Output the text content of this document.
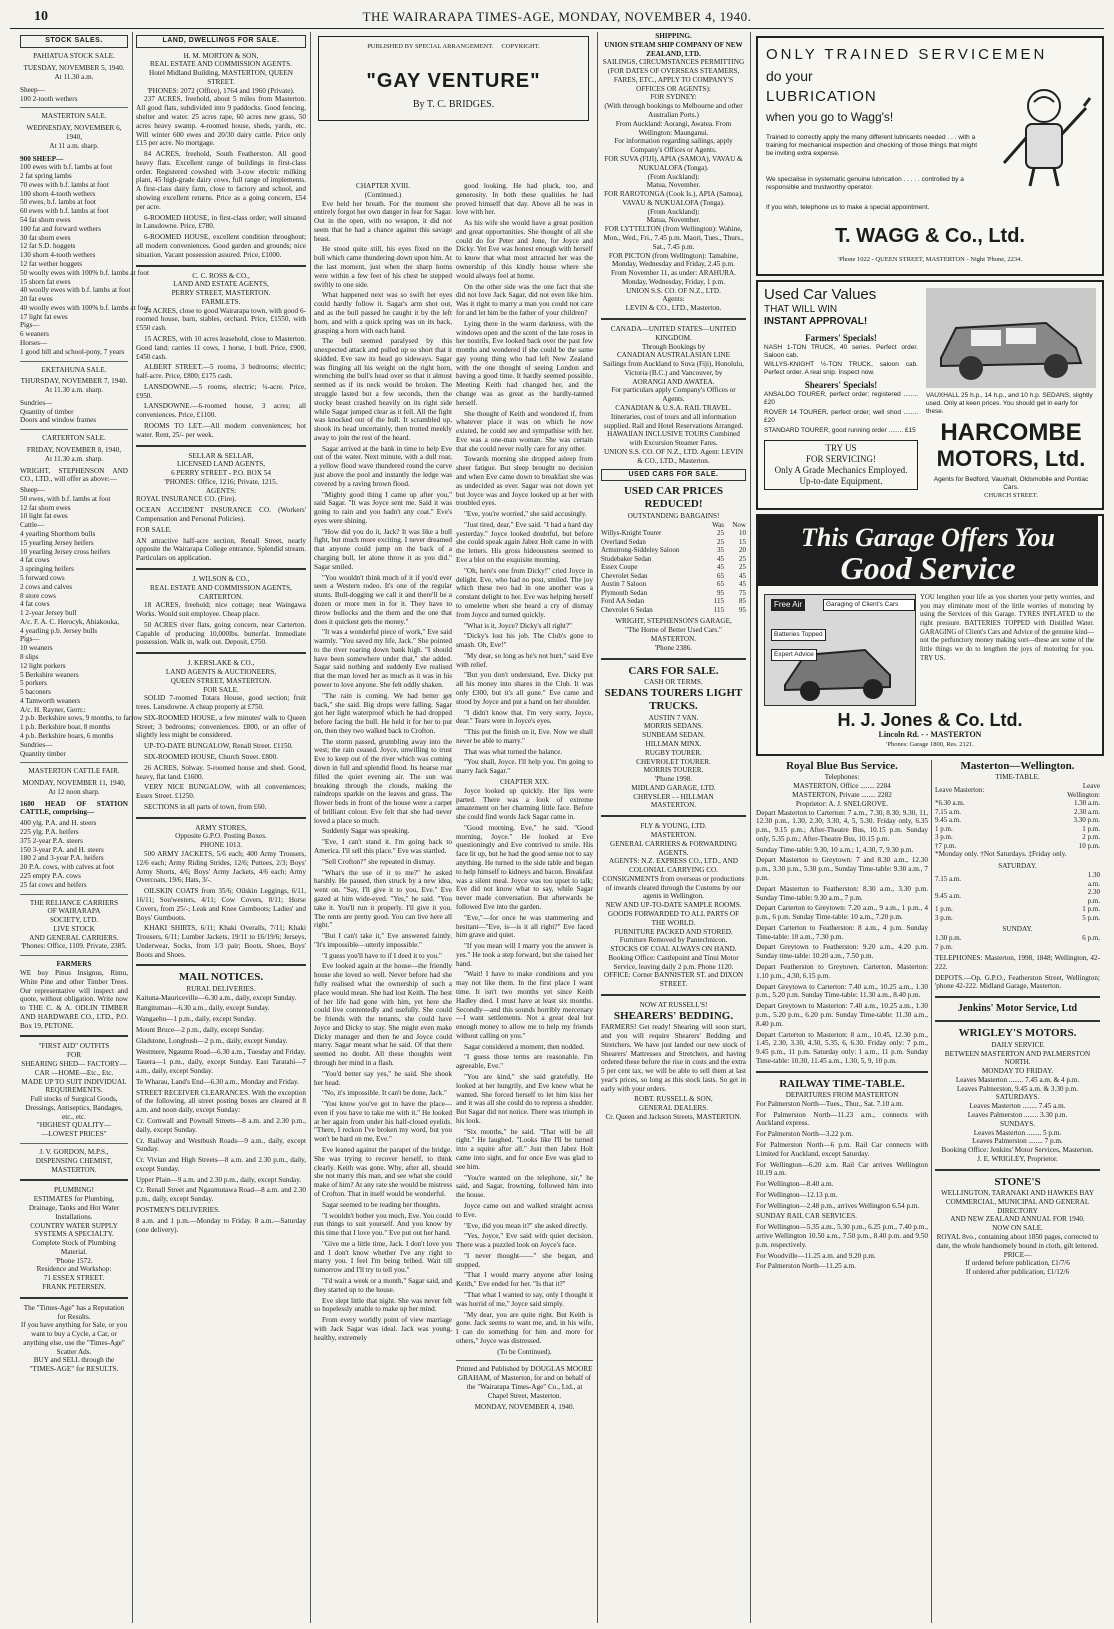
10	THE WAIRARAPA TIMES-AGE, MONDAY, NOVEMBER 4, 1940.
STOCK SALES.
PAHIATUA STOCK SALE.
TUESDAY, NOVEMBER 5, 1940.
At 11.30 a.m.
Sheep—
100 2-tooth wethers
MASTERTON SALE.
WEDNESDAY, NOVEMBER 6, 1940,
At 11 a.m. sharp.
900 SHEEP—
100 ewes with b.f. lambs at foot
2 fat spring lambs
70 ewes with b.f. lambs at foot
100 shorn 4-tooth wethers
50 ewes, b.f. lambs at foot
60 ewes with b.f. lambs at foot
54 fat shorn ewes
100 fat and forward wethers
30 fat shorn ewes
12 fat S.D. hoggets
130 shorn 4-tooth wethers
12 fat wether hoggets
50 woolly ewes with 100% b.f. lambs at foot
15 shorn fat ewes
40 woolly ewes with b.f. lambs at foot
20 fat ewes
40 woolly ewes with 100% b.f. lambs at foot
17 light fat ewes
Pigs—
6 weaners
Horses—
1 good hill and school-pony, 7 years
EKETAHUNA SALE.
THURSDAY, NOVEMBER 7, 1940.
At 11.30 a.m. sharp.
Sundries—
Quantity of timber
Doors and window frames
CARTERTON SALE.
FRIDAY, NOVEMBER 8, 1940,
At 11.30 a.m. sharp.

WRIGHT, STEPHENSON AND CO., LTD., will offer as above:—

Sheep—
50 ewes, with b.f. lambs at foot
12 fat shorn ewes
10 light fat ewes
Cattle—
4 yearling Shorthorn bulls
15 yearling Jersey heifers
10 yearling Jersey cross heifers
4 fat cows
3 springing heifers
5 forward cows
2 cows and calves
8 store cows
4 fat cows
1 2-year Jersey bull
A/c. F. A. C. Herocyk, Ahiakouka,
4 yearling p.b. Jersey bulls
Pigs—
10 weaners
8 slips
12 light porkers
5 Berkshire weaners
5 porkers
5 baconers
4 Tamworth weaners
A/c. H. Rayner, Gerrr.:
2 p.b. Berkshire sows, 9 months, to farrow
1 p.b. Berkshire boar, 8 months
4 p.b. Berkshire boars, 6 months
Sundries—
Quantity timber
MASTERTON CATTLE FAIR.
MONDAY, NOVEMBER 11, 1940,
At 12 noon sharp.

1600 HEAD OF STATION CATTLE, comprising—

400 ylg. P.A. and H. steers
225 ylg. P.A. heifers
375 2-year P.A. steers
150 3-year P.A. and H. steers
180 2 and 3-year P.A. heifers
20 P.A. cows, with calves at foot
225 empty P.A. cows
25 fat cows and heifers
THE RELIANCE CARRIERS
OF WAIRARAPA
SOCIETY, LTD.
LIVE STOCK
AND GENERAL CARRIERS.
'Phones: Office, 1109. Private, 2385.
FARMERS

WE buy Pinus Insignus, Rimu, White Pine and other Timber Trees. Our representative will inspect and quote, without obligation. Write now to THE C. & A. ODLIN TIMBER AND HARDWARE CO., LTD., P.O. Box 19, PETONE.

"FIRST AID" OUTFITS
FOR
SHEARING SHED— FACTORY—CAR —HOME—Etc., Etc.
MADE UP TO SUIT INDIVIDUAL REQUIREMENTS.
Full stocks of Surgical Goods, Dressings, Antiseptics, Bandages, etc., etc.
"HIGHEST QUALITY—
—LOWEST PRICES"
J. V. GORDON, M.P.S.,
DISPENSING CHEMIST,
MASTERTON.
PLUMBING!
ESTIMATES for Plumbing, Drainage, Tanks and Hot Water Installations.
COUNTRY WATER SUPPLY SYSTEMS A SPECIALTY.
Complete Stock of Plumbing Material.
'Phone 1572.
Residence and Workshop:
71 ESSEX STREET.
FRANK PETERSEN.
The "Times-Age" has a Reputation for Results.
If you have anything for Sale, or you want to buy a Cycle, a Car, or anything else, use the "Times-Age" Scatter Ads.
BUY and SELL through the "TIMES-AGE" for RESULTS.
LAND, DWELLINGS FOR SALE.
H. M. MORTON & SON,
REAL ESTATE AND COMMISSION AGENTS.
Hotel Midland Building, MASTERTON, QUEEN STREET.
'PHONES: 2072 (Office), 1764 and 1960 (Private).

237 ACRES, freehold, about 5 miles from Masterton. All good flats, subdivided into 9 paddocks. Good fencing, shelter and water. 25 acres rape, 60 acres new grass, 50 acres heavy swamp. 4-roomed house, sheds, yards, etc. Will winter 600 ewes and 20/30 dairy cattle. Price only £15 per acre. No mortgage.

84 ACRES, freehold, South Featherston. All good heavy flats. Excellent range of buildings in first-class order. Registered cowshed with 3-cow electric milking plant, 45 high-grade dairy cows, full range of implements. A first-class dairy farm, close to factory and school, and showing excellent returns. Price as a going concern, £54 per acre.

6-ROOMED HOUSE, in first-class order; well situated in Lansdowne. Price, £780.

6-ROOMED HOUSE, excellent condition throughout; all modern conveniences. Good garden and grounds; nice situation. Vacant possession assured. Price, £1000.

C. C. ROSS & CO.,
LAND AND ESTATE AGENTS,
PERRY STREET, MASTERTON.
FARMLETS.

24 ACRES, close to good Wairarapa town, with good 6-roomed house, barn, stables, orchard. Price, £1550, with £550 cash.

15 ACRES, with 10 acres leasehold, close to Masterton. Good land; carries 11 cows, 1 horse, 1 bull. Price, £900, £450 cash.

ALBERT STREET.—5 rooms, 3 bedrooms; electric; half-acre. Price, £800; £175 cash.

LANSDOWNE.—5 rooms, electric; ¼-acre. Price, £950.

LANSDOWNE.—6-roomed house, 3 acres; all conveniences. Price, £1100.

ROOMS TO LET.—All modern conveniences; hot water. Rent, 25/- per week.

SELLAR & SELLAR,
LICENSED LAND AGENTS,
6 PERRY STREET - P.O. BOX 54
'PHONES: Office, 1216; Private, 1215.
AGENTS:

ROYAL INSURANCE CO. (Fire).

OCEAN ACCIDENT INSURANCE CO. (Workers' Compensation and Personal Policies).

FOR SALE.

AN attractive half-acre section, Renall Street, nearly opposite the Wairarapa College entrance. Splendid stream. Particulars on application.

J. WILSON & CO.,
REAL ESTATE AND COMMISSION AGENTS,
CARTERTON.

18 ACRES, freehold; nice cottage; near Waingawa Works. Would suit employee. Cheap place.

50 ACRES river flats, going concern, near Carterton. Capable of producing 10,000lbs. butterfat. Immediate possession. Walk in, walk out. Deposit, £750.

J. KERSLAKE & CO.,
LAND AGENTS & AUCTIONEERS,
QUEEN STREET, MASTERTON.
FOR SALE.

SOLID 7-roomed Totara House, good section; fruit trees. Lansdowne. A cheap property at £750.

SIX-ROOMED HOUSE, a few minutes' walk to Queen Street; 3 bedrooms; conveniences. £800, or an offer of slightly less might be considered.

UP-TO-DATE BUNGALOW, Renall Street. £1150.

SIX-ROOMED HOUSE, Church Street. £800.

26 ACRES, Solway. 5-roomed house and shed. Good, heavy, flat land. £1600.

VERY NICE BUNGALOW, with all conveniences; Essex Street. £1250.

SECTIONS in all parts of town, from £60.

ARMY STORES,
Opposite G.P.O. Posting Boxes.
PHONE 1013.

500 ARMY JACKETS, 5/6 each; 400 Army Trousers, 12/6 each; Army Riding Strides, 12/6; Puttees, 2/3; Boys' Army Shorts, 4/6; Boys' Army Jackets, 4/6 each; Army Overcoats, 19/6; Hats, 3/-.

OILSKIN COATS from 35/6; Oilskin Leggings, 6/11, 16/11; Sou'westers, 4/11; Cow Covers, 8/11; Horse Covers, from 25/-; Leak and Knee Gumboots; Ladies' and Boys' Gumboots.

KHAKI SHIRTS, 6/11; Khaki Overalls, 7/11; Khaki Trousers, 6/11; Lumber Jackets, 19/11 to £6/19/6; Jerseys, Underwear, Socks, from 1/3 pair; Boots, Shoes, Boys' Boots and Shoes.

MAIL NOTICES.
RURAL DELIVERIES.

Kaituna-Mauriceville—6.30 a.m., daily, except Sunday.

Rangitumau—6.30 a.m., daily, except Sunday.

Wangaehu—1 p.m., daily, except Sunday.

Mount Bruce—2 p.m., daily, except Sunday.

Gladstone, Longbush—2 p.m., daily, except Sunday.

Westmere, Ngaumu Road—6.30 a.m., Tuesday and Friday.

Tauera—1 p.m., daily, except Sunday. East Taratahi—7 a.m., daily, except Sunday.

Te Wharau, Land's End—6.30 a.m., Monday and Friday.

STREET RECEIVER CLEARANCES. With the exception of the following, all street posting boxes are cleared at 8 a.m. and noon daily, except Sunday:

Cr. Cornwall and Pownall Streets—8 a.m. and 2.30 p.m., daily, except Sunday.

Cr. Railway and Westbush Roads—9 a.m., daily, except Sunday.

Cr. Vivian and High Streets—8 a.m. and 2.30 p.m., daily, except Sunday.

Upper Plain—9 a.m. and 2.30 p.m., daily, except Sunday.

Cr. Renall Street and Ngaumutawa Road—8 a.m. and 2.30 p.m., daily, except Sunday.

POSTMEN'S DELIVERIES.

8 a.m. and 1 p.m.—Monday to Friday. 8 a.m.—Saturday (one delivery).

PUBLISHED BY SPECIAL ARRANGEMENT.     COPYRIGHT.
"GAY VENTURE"
By T. C. BRIDGES.
CHAPTER XVIII.
(Continued.)

Eve held her breath. For the moment she entirely forgot her own danger in fear for Sagar. Out in the open, with no weapon, it did not seem that he had a chance against this savage beast.

He stood quite still, his eyes fixed on the bull which came thundering down upon him. At the last moment, just when the sharp horns were within a few feet of his chest he stepped swiftly to one side.

What happened next was so swift her eyes could hardly follow it. Sagar's arm shot out, and as the bull passed he caught it by the left horn, and with a quick spring was on its back, grasping a horn with each hand.

The bull seemed paralysed by this unexpected attack and pulled up so short that it skidded. Eve saw its head go sideways. Sagar was flinging all his weight on the right horn, wrenching the bull's head over so that it almost seemed as if its neck would be broken. The struggle lasted but a few seconds, then the stocky beast crashed heavily on its right side while Sagar jumped clear as it fell. All the fight was knocked out of the bull. It scrambled up, shook its head uncertainly, then trotted meekly away to join the rest of the heard.

Sagar arrived at the bank in time to help Eve out of the water. Next minute, with a dull roar, a yellow flood wave thundered round the curve just above the pool and instantly the ledge was covered by a raving brown flood.

"Mighty good thing I came up after you," said Sagar. "It was Joyce sent me. Said it was going to rain and you hadn't any coat." Eve's eyes were shining.

"How did you do it, Jack? It was like a bull fight, but much more exciting. I never dreamed that anyone could jump on the back of a charging bull, let alone throw it as you did." Sagar smiled.

"You wouldn't think much of it if you'd ever seen a Western rodeo. It's one of the regular stunts. Bull-dogging we call it and there'll be a dozen or more men in for it. They have to throw bullocks and the them and the one that does it quickest gets the money."

"It was a wonderful piece of work," Eve said warmly. "You saved my life, Jack." She pointed to the river roaring down bank high. "I should have been somewhere under that," she added. Sagar said nothing and suddenly Eve realised that the man loved her as much as it was in his power to love anyone. She felt oddly shaken.

"The rain is coming. We had better get back," she said. Big drops were falling. Sagar got her light waterproof which he had dropped before facing the bull. He held it for her to put on, then they two walked back to Crofton.

The storm passed, grumbling away into the west; the rain ceased. Joyce, unwilling to trust Eve to keep out of the river which was coming down in full and splendid flood. Its hoarse roar filled the quiet evening air. The sun was breaking through the clouds, making the raindrops sparkle on the leaves and grass. The flower beds in front of the house were a carpet of brilliant colour. Eve felt that she had never loved a place so much.

Suddenly Sagar was speaking.

"Eve, I can't stand it. I'm going back to America. I'll sell this place." Eve was startled.

"Sell Crofton?" she repeated in dismay.

"What's the use of it to me?" he asked harshly. He paused, then struck by a new idea, went on. "Say, I'll give it to you, Eve." Eve gazed at him wide-eyed. "Yes," he said. "You take it. You'll run it properly. I'll give it you. The rents are pretty good. You can live here all right."

"But I can't take it," Eve answered faintly. "It's impossible—utterly impossible."

"I guess you'll have to if I deed it to you."

Eve looked again at the house—the friendly house she loved so well. Never before had she fully realised what the ownership of such a place would mean. She had lost Keith. The best of her life had gone with him, yet here she could live contentedly and usefully. She could be friends with the tenants, she could have Joyce and Dicky to stay. She might even make Dicky manager and then he and Joyce could marry. Sagar meant what he said. Of that there seemed no doubt. All these thoughts went through her mind in a flash.

"You'd better say yes," he said. She shook her head.

"No, it's impossible. It can't be done, Jack."

"You know you've got to have the place—even if you have to take me with it." He looked at her again from under his half-closed eyelids. "There, I reckon I've broken my word, but you won't be hard on me, Eve."

Eve leaned against the parapet of the bridge. She was trying to recover herself, to think clearly. Keith was gone. Why, after all, should she not marry this man, and see what she could make of him? At any rate she would be mistress of Crofton. That in itself would be wonderful.

Sagar seemed to be reading her thoughts.

"I wouldn't bother you much, Eve. You could run things to suit yourself. And you know by this time that I love you." Eve put out her hand.

"Give me a little time, Jack. I don't love you and I don't know whether I've any right to marry you. I feel I'm being bribed. Wait till tomorrow and I'll try to tell you."

"I'd wait a week or a month," Sagar said, and they started up to the house.

Eve slept little that night. She was never felt so hopelessly unable to make up her mind.

From every worldly point of view marriage with Jack Sagar was ideal. Jack was young, healthy, extremely

good looking. He had pluck, too, and generosity. In both these qualities he had proved himself that day. Above all he was in love with her.

As his wife she would have a great position and great opportunities. She thought of all she could do for Peter and Jone, for Joyce and Dicky. Yet Eve was honest enough with herself to know that what most attracted her was the ownership of this kindly house where she would always feel at home.

On the other side was the one fact that she did not love Jack Sagar, did not even like him. Was it right to marry a man you could not care for and let him be the father of your children?

Lying there in the warm darkness, with the windows open and the scent of the late roses in her nostrils, Eve looked back over the past few months and wondered if she could be the same gay young thing who had left New Zealand with the one thought of seeing London and having a good time. It hardly seemed possible. Meeting Keith had changed her, and the change was as great as the hardly-tanned herself.

She thought of Keith and wondered if, from whatever place it was on which he now existed, he could see and sympathise with her. Eve was a one-man woman. She was certain that she could never really care for any other.

Towards morning she dropped asleep from sheer fatigue. But sleep brought no decision and when Eve came down to breakfast she was as undecided as ever. Sagar was not down yet but Joyce was and Joyce looked up at her with troubled eyes.

"Eve, you're worried," she said accusingly.

"Just tired, dear," Eve said. "I had a hard day yesterday." Joyce looked doubtful, but before she could speak again Jabez Holt came in with the letters. His gross hideousness seemed to Eve a blot on the exquisite morning.

"Oh, here's one from Dicky!" cried Joyce in delight. Eve, who had no post, smiled. The joy which these two had in one another was a constant delight to her. Eve was helping herself to omelette when she heard a cry of dismay from Joyce and turned quickly.

"What is it, Joyce? Dicky's all right?"

"Dicky's lost his job. The Club's gone to smash. Oh, Eve!"

"My dear, so long as he's not hurt," said Eve with relief.

"But you don't understand, Eve. Dicky put all his money into shares in the Club. It was only £300, but it's all gone." Eve came and stood by Joyce and put a hand on her shoulder.

"I didn't know that. I'm very sorry, Joyce, dear." Tears were in Joyce's eyes.

"This put the finish on it, Eve. Now we shall never be able to marry."

That was what turned the balance.

"You shall, Joyce. I'll help you. I'm going to marry Jack Sagar."

CHAPTER XIX.

Joyce looked up quickly. Her lips were parted. There was a look of extreme amazement on her charming little face. Before she could find words Jack Sagar came in.

"Good morning, Eve," he said. "Good morning, Joyce." He looked at Eve questioningly and Eve contrived to smile. His face lit up, but he had the good sense not to say anything. He turned to the side table and began to help himself to kidneys and bacon. Breakfast was a silent meal. Joyce was too upset to talk; Eve did not know what to say, while Sagar never made conversation. But afterwards he followed Eve into the garden.

"Eve,"—for once he was stammering and hesitant—"Eve, is—is it all right?" Eve faced him grave and quiet.

"If you mean will I marry you the answer is yes." He took a step forward, but she raised her hand.

"Wait! I have to make conditions and you may not like them. In the first place I want time. It isn't two months yet since Keith Hadley died. I must have at least six months. Secondly—and this sounds horribly mercenary—I want settlements. Not a great deal but enough money to allow me to help my friends without calling on you."

Sagar considered a moment, then nodded.

"I guess those terms are reasonable. I'm agreeable, Eve."

"You are kind," she said gratefully. He looked at her hungrily, and Eve knew what he wanted. She forced herself to let him kiss her and it was all she could do to repress a shudder. But Sagar did not notice. There was triumph in his look.

"Six months," he said. "That will be all right." He laughed. "Looks like I'll be turned into a squire after all." Just then Jabez Holt came into sight, and for once Eve was glad to see him.

"You're wanted on the telephone, sir," he said, and Sagar, frowning, followed him into the house.

Joyce came out and walked straight across to Eve.

"Eve, did you mean it?" she asked directly.

"Yes, Joyce," Eve said with quiet decision. There was a puzzled look on Joyce's face.

"I never thought——" she began, and stopped.

"That I would marry anyone after losing Keith," Eve ended for her. "Is that it?"

"That what I wanted to say, only I thought it was horrid of me," Joyce said simply.

"My dear, you are quite right. But Keith is gone. Jack seems to want me, and, in his wife, I can do something for him and more for others," Joyce was distressed.

(To be Continued).

Printed and Published by DOUGLAS MOORE GRAHAM, of Masterton, for and on behalf of the "Wairarapa Times-Age" Co., Ltd., at Chapel Street, Masterton.

MONDAY, NOVEMBER 4, 1940.
SHIPPING.
UNION STEAM SHIP COMPANY OF NEW ZEALAND, LTD.
SAILINGS, CIRCUMSTANCES PERMITTING (FOR DATES OF OVERSEAS STEAMERS, FARES, ETC., APPLY TO COMPANY'S OFFICES OR AGENTS):
FOR SYDNEY:
(With through bookings to Melbourne and other Australian Ports.)
From Auckland: Aorangi, Awatea. From Wellington: Maunganui.
For information regarding sailings, apply Company's Offices or Agents.
FOR SUVA (FIJI), APIA (SAMOA), VAVAU & NUKUALOFA (Tonga).
(From Auckland):
Matua, November.
FOR RAROTONGA (Cook Is.), APIA (Samoa), VAVAU & NUKUALOFA (Tonga).
(From Auckland):
Matua, November.
FOR LYTTELTON (from Wellington): Wahine, Mon., Wed., Fri., 7.45 p.m. Maori, Tues., Thurs., Sat., 7.45 p.m.
FOR PICTON (from Wellington): Tamahine, Monday, Wednesday and Friday, 2.45 p.m.
From November 11, as under: ARAHURA.
Monday, Wednesday, Friday, 1 p.m.
UNION S.S. CO. OF N.Z., LTD.
Agents:
LEVIN & CO., LTD., Masterton.
CANADA—UNITED STATES—UNITED KINGDOM.
Through Bookings by
CANADIAN AUSTRALASIAN LINE
Sailings from Auckland to Suva (Fiji), Honolulu, Victoria (B.C.) and Vancouver, by
AORANGI AND AWATEA.
For particulars apply Company's Offices or Agents.
CANADIAN & U.S.A. RAIL TRAVEL. Itineraries, cost of tours and all information supplied. Rail and Hotel Reservations Arranged.
HAWAIIAN INCLUSIVE TOURS Combined with Excursion Steamer Fares.
UNION S.S. CO. OF N.Z., LTD. Agent: LEVIN & CO., LTD., Masterton.
USED CARS FOR SALE.
USED CAR PRICES REDUCED!
OUTSTANDING BARGAINS!
	Was	Now
Willys-Knight Tourer	25	10
Overland Sedan	25	15
Armstrong-Siddeley Saloon	35	20
Studebaker Sedan	45	25
Essex Coupe	45	25
Chevrolet Sedan	65	45
Austin 7 Saloon	65	45
Plymouth Sedan	95	75
Ford AA Sedan	115	85
Chevrolet 6 Sedan	115	95
WRIGHT, STEPHENSON'S GARAGE,
"The Home of Better Used Cars."
MASTERTON.
'Phone 2386.
CARS FOR SALE.
CASH OR TERMS.
SEDANS TOURERS LIGHT TRUCKS.
AUSTIN 7 VAN.
MORRIS SEDANS.
SUNBEAM SEDAN.
HILLMAN MINX.
RUGBY TOURER.
CHEVROLET TOURER.
MORRIS TOURER.
'Phone 1998.
MIDLAND GARAGE, LTD.
CHRYSLER - - HILLMAN
MASTERTON.
FLY & YOUNG, LTD.
MASTERTON.
GENERAL CARRIERS & FORWARDING AGENTS.
AGENTS: N.Z. EXPRESS CO., LTD., AND COLONIAL CARRYING CO.
CONSIGNMENTS from overseas or productions of inwards cleared through the Customs by our agents in Wellington.
NEW AND UP-TO-DATE SAMPLE ROOMS.
GOODS FORWARDED TO ALL PARTS OF THE WORLD.
FURNITURE PACKED AND STORED.
Furniture Removed by Pantechnicon.
STOCKS OF COAL ALWAYS ON HAND.
Booking Office: Castlepoint and Tinui Motor Service, leaving daily 2 p.m. Phone 1120.
OFFICE: Corner BANNISTER ST. and DIXON STREET.
NOW AT RUSSELL'S!
SHEARERS' BEDDING.

FARMERS! Get ready! Shearing will soon start, and you will require Shearers' Bedding and Stretchers. We have just landed our new stock of Shearers' Mattresses and Stretchers, and having ordered these before the rise in costs and the extra 5 per cent tax, we will be able to sell them at last year's prices, so long as this stock lasts. So get in early with your orders.

ROBT. RUSSELL & SON,
GENERAL DEALERS.
Cr. Queen and Jackson Streets, MASTERTON.
ONLY TRAINED SERVICEMEN
do your
LUBRICATION
when you go to Wagg's!
Trained to correctly apply the many different lubricants needed . . . with a training for mechanical inspection and checking of those things that might be inviting extra expense.
We specialise in systematic genuine lubrication . . . . . controlled by a responsible and trustworthy operator.
If you wish, telephone us to make a special appointment.
T. WAGG & Co., Ltd.
'Phone 1022 - QUEEN STREET, MASTERTON - Night 'Phone, 2234.
Used Car Values
THAT WILL WIN
INSTANT APPROVAL!
Farmers' Specials!

NASH 1-TON TRUCK, 40 series. Perfect order. Saloon cab.

WILLYS-KNIGHT ½-TON TRUCK, saloon cab. Perfect order. A real snip. Inspect now.

Shearers' Specials!

ANSALDO TOURER, perfect order; registered ........ £20

ROVER 14 TOURER, perfect order; well shod ........ £20

STANDARD TOURER, good running order ........ £15

TRY US
FOR SERVICING!
Only A Grade Mechanics Employed.
Up-to-date Equipment.
VAUXHALL 25 h.p., 14 h.p., and 10 h.p. SEDANS, slightly used. Only at keen prices. You should get in early for these.
HARCOMBE
MOTORS, Ltd.
Agents for Bedford, Vauxhall, Oldsmobile and Pontiac Cars.
CHURCH STREET.
This Garage Offers You
Good Service
Free Air	Garaging of Client's Cars
Batteries Topped
Expert Advice

YOU lengthen your life as you shorten your petty worries, and you may eliminate most of the little worries of motoring by using the Services of this Garage. TYRES INFLATED to the right pressure. BATTERIES TOPPED with Distilled Water. GARAGING of Client's Cars and Advice of the genuine kind—not the perfunctory money making sort—these are some of the little things we do to lengthen the joys of motoring for you. TRY US.

H. J. Jones & Co. Ltd.
Lincoln Rd. - - MASTERTON
'Phones: Garage 1800, Res. 2121.
Royal Blue Bus Service.
Telephones:
MASTERTON, Office ........ 2284
MASTERTON, Private ........ 2282
Proprietor: A. J. SNELGROVE.

Depart Masterton to Carterton: 7 a.m., 7.30, 8.30, 9.30, 11, 12.30 p.m., 1.30, 2.30, 3.30, 4, 5, 5.30. Friday only, 6.35 p.m., 9.15 p.m.; After-Theatre Bus, 10.15 p.m. Sunday only, 5.35 p.m.; After-Theatre Bus, 10.15 p.m.

Sunday Time-table: 9.30, 10 a.m.; 1, 4.30, 7, 9.30 p.m.

Depart Masterton to Greytown: 7 and 8.30 a.m., 12.30 p.m., 3.30 p.m., 5.30 p.m., Sunday Time-table: 9.30 a.m., 7 p.m.

Depart Masterton to Featherston: 8.30 a.m., 3.30 p.m. Sunday Time-table: 9.30 a.m., 7 p.m.

Depart Carterton to Greytown: 7.20 a.m., 9 a.m., 1 p.m., 4 p.m., 6 p.m. Sunday Time-table: 10 a.m., 7.20 p.m.

Depart Carterton to Featherston: 8 a.m., 4 p.m. Sunday Time-table: 10 a.m., 7.30 p.m.

Depart Greytown to Featherston: 9.20 a.m., 4.20 p.m. Sunday time-table: 10.20 a.m., 7.50 p.m.

Depart Featherston to Greytown, Carterton, Masterton: 1.10 p.m., 4.30, 6.15 p.m.

Depart Greytown to Carterton: 7.40 a.m., 10.25 a.m., 1.30 p.m., 5.20 p.m. Sunday Time-table: 11.30 a.m., 8.40 p.m.

Depart Greytown to Masterton: 7.40 a.m., 10.25 a.m., 1.30 p.m., 5.20 p.m., 6.20 p.m. Sunday Time-table: 11.30 a.m., 8.40 p.m.

Depart Carterton to Masterton: 8 a.m., 10.45, 12.30 p.m., 1.45, 2.30, 3.30, 4.30, 5.35, 6, 6.30. Friday only: 7 p.m., 9.45 p.m., 11 p.m. Saturday only: 1 a.m., 11 p.m. Sunday Time-table: 10.30, 11.45 a.m., 1.30, 5, 9, 10 p.m.

RAILWAY TIME-TABLE.
DEPARTURES FROM MASTERTON

For Palmerston North—Tues., Thur., Sat. 7.10 a.m.

For Palmerston North—11.23 a.m., connects with Auckland express.

For Palmerston North—3.22 p.m.

For Palmerston North—6 p.m. Rail Car connects with Limited for Auckland, except Saturday.

For Wellington—6.20 a.m. Rail Car arrives Wellington 10.19 a.m.

For Wellington—8.40 a.m.

For Wellington—12.13 p.m.

For Wellington—2.48 p.m., arrives Wellington 6.54 p.m.

SUNDAY RAIL CAR SERVICES.

For Wellington—5.35 a.m., 5.30 p.m., 6.25 p.m., 7.40 p.m., arrive Wellington 10.50 a.m., 7.50 p.m., 8.40 p.m. and 9.50 p.m. respectively.

For Woodville—11.25 a.m. and 9.20 p.m.

For Palmerston North—11.25 a.m.

Masterton—Wellington.
TIME-TABLE.
Leave Masterton:	Leave Wellington:
*6.30 a.m.	1.30 a.m.
7.15 a.m.	2.30 a.m.
9.45 a.m.	3.30 p.m.
1 p.m.	1 p.m.
3 p.m.	2 p.m.
†7 p.m.	10 p.m.
*Monday only. †Not Saturdays. ‡Friday only.
SATURDAY.
7.15 a.m.	1.30 a.m.
9.45 a.m.	2.30 p.m.
1 p.m.	1 p.m.
3 p.m.	5 p.m.
SUNDAY.
1.30 p.m.	6 p.m.
7 p.m.	

TELEPHONES: Masterton, 1998, 1848; Wellington, 42-222.

DEPOTS.—Op. G.P.O., Featherston Street, Wellington; 'phone 42-222. Midland Garage, Masterton.

Jenkins' Motor Service, Ltd
WRIGLEY'S MOTORS.
DAILY SERVICE
BETWEEN MASTERTON AND PALMERSTON NORTH.
MONDAY TO FRIDAY.
Leaves Masterton ........ 7.45 a.m. & 4 p.m.
Leaves Palmerston, 9.45 a.m. & 3.30 p.m.
SATURDAYS.
Leaves Masterton ........ 7.45 a.m.
Leaves Palmerston ........ 3.30 p.m.
SUNDAYS.
Leaves Masterton ........ 5 p.m.
Leaves Palmerston ........ 7 p.m.
Booking Office: Jenkins' Motor Services, Masterton.
J. E. WRIGLEY, Proprietor.
STONE'S
WELLINGTON, TARANAKI AND HAWKES BAY
COMMERCIAL, MUNICIPAL AND GENERAL
DIRECTORY
AND NEW ZEALAND ANNUAL FOR 1940.
NOW ON SALE.
ROYAL 8vo., containing about 1850 pages, corrected to date, the whole handsomely bound in cloth, gilt lettered.
PRICE—
If ordered before publication, £1/7/6
If ordered after publication, £1/12/6
